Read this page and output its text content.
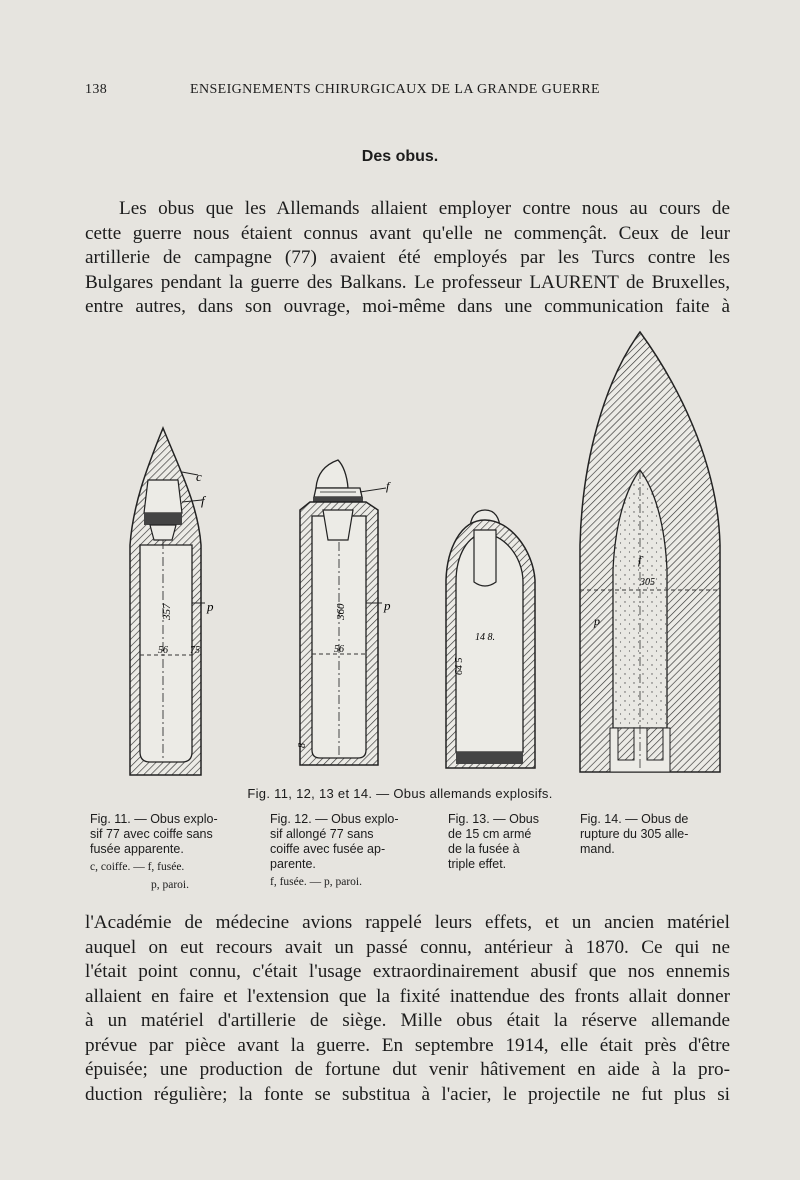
138	ENSEIGNEMENTS CHIRURGICAUX DE LA GRANDE GUERRE
Des obus.

Les obus que les Allemands allaient employer contre nous au cours de
cette guerre nous étaient connus avant qu'elle ne commençât. Ceux de leur
artillerie de campagne (77) avaient été employés par les Turcs contre les
Bulgares pendant la guerre des Balkans. Le professeur LAURENT de Bruxelles,
entre autres, dans son ouvrage, moi-même dans une communication faite à

c
f
p
357
56 75
f
p
360
56
8
14 8.
64 5
f
305
p
Fig. 11, 12, 13 et 14. — Obus allemands explosifs.
Fig. 11. — Obus explo-
sif 77 avec coiffe sans
fusée apparente.
c, coiffe. — f, fusée.
p, paroi.
Fig. 12. — Obus explo-
sif allongé 77 sans
coiffe avec fusée ap-
parente.
f, fusée. — p, paroi.
Fig. 13. — Obus
de 15 cm armé
de la fusée à
triple effet.
Fig. 14. — Obus de
rupture du 305 alle-
mand.

l'Académie de médecine avions rappelé leurs effets, et un ancien matériel
auquel on eut recours avait un passé connu, antérieur à 1870. Ce qui ne
l'était point connu, c'était l'usage extraordinairement abusif que nos ennemis
allaient en faire et l'extension que la fixité inattendue des fronts allait donner
à un matériel d'artillerie de siège. Mille obus était la réserve allemande
prévue par pièce avant la guerre. En septembre 1914, elle était près d'être
épuisée; une production de fortune dut venir hâtivement en aide à la pro-
duction régulière; la fonte se substitua à l'acier, le projectile ne fut plus si
